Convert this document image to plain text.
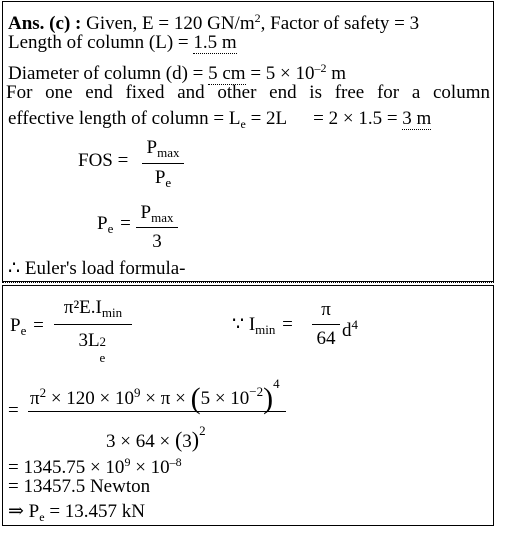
Ans. (c) : Given, E = 120 $GN/m^2$, Factor of safety = 3
Length of column (L) = 1.5 m
Diameter of column (d) = 5 cm = $5 \times 10^{-2}$ m
For one end fixed and other end is free for a column
effective length of column = $L_e = 2L = 2 \times 1.5 = 3$ m
FOS =
$P_{max}$
$P_e$
$P_e$ =
$P_{max}$
3
∴ Euler's load formula-
$P_e$ =
$\pi^2E.I_{min}$
3L 2
e
∵ $I_{min}$ =
π
64 $d^4$
=
$\pi^2 \times 120 \times 10^9 \times \pi \times (5 \times 10^{-2})^4$
$3 \times 64 \times (3)^2$
= $1345.75 \times 10^9 \times 10^{-8}$
= 13457.5 Newton
⇒ $P_e = 13.457$ kN
